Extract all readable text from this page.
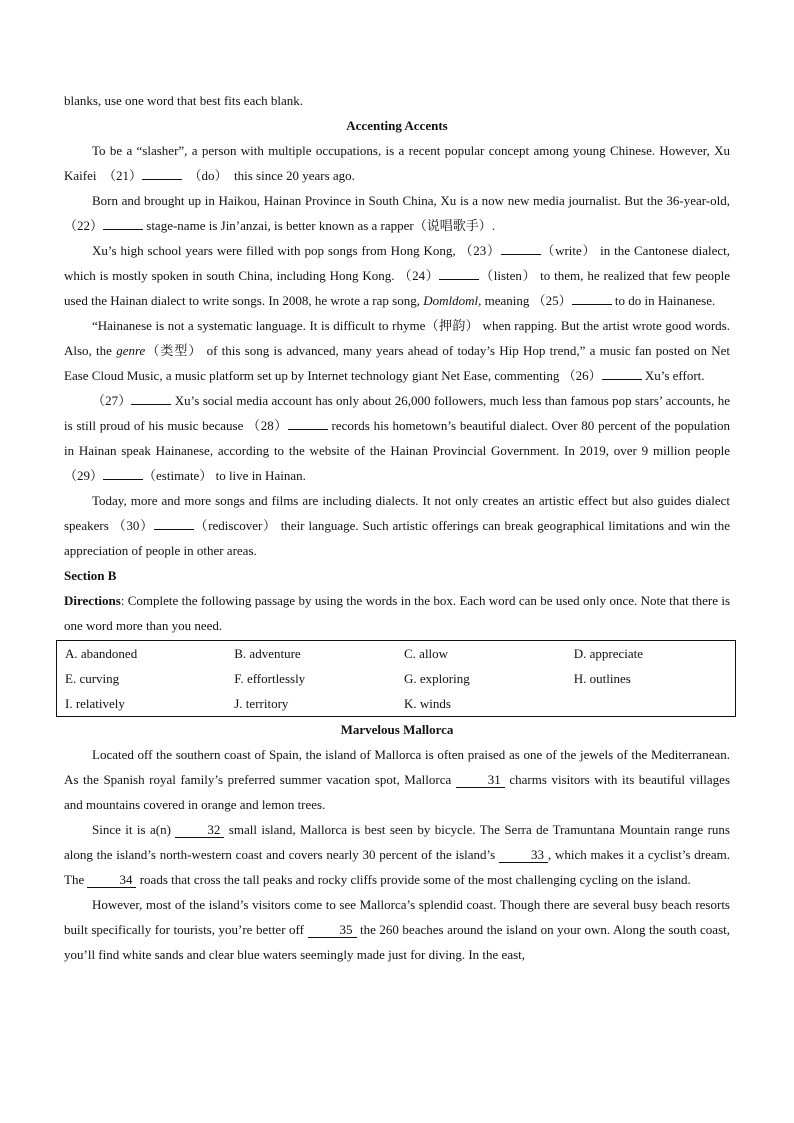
blanks, use one word that best fits each blank.

Accenting Accents

To be a “slasher”, a person with multiple occupations, is a recent popular concept among young Chinese. However, Xu Kaifei  （21）	（do）  this since 20 years ago.

Born and brought up in Haikou, Hainan Province in South China, Xu is a now new media journalist. But the 36-year-old, （22）	stage-name is Jin’anzai, is better known as a rapper（说唱歌手）.

Xu’s high school years were filled with pop songs from Hong Kong, （23）	（write） in the Cantonese dialect, which is mostly spoken in south China, including Hong Kong. （24）	（listen） to them, he realized that few people used the Hainan dialect to write songs. In 2008, he wrote a rap song, Domldoml, meaning （25）	to do in Hainanese.

“Hainanese is not a systematic language. It is difficult to rhyme（押韵） when rapping. But the artist wrote good words. Also, the genre（类型） of this song is advanced, many years ahead of today’s Hip Hop trend,” a music fan posted on Net Ease Cloud Music, a music platform set up by Internet technology giant Net Ease, commenting （26）	Xu’s effort.

（27）	Xu’s social media account has only about 26,000 followers, much less than famous pop stars’ accounts, he is still proud of his music because （28）	records his hometown’s beautiful dialect. Over 80 percent of the population in Hainan speak Hainanese, according to the website of the Hainan Provincial Government. In 2019, over 9 million people （29）	（estimate） to live in Hainan.

Today, more and more songs and films are including dialects. It not only creates an artistic effect but also guides dialect speakers （30）	（rediscover） their language. Such artistic offerings can break geographical limitations and win the appreciation of people in other areas.

Section B

Directions: Complete the following passage by using the words in the box. Each word can be used only once. Note that there is one word more than you need.

A. abandoned	B. adventure	C. allow	D. appreciate
E. curving	F. effortlessly	G. exploring	H. outlines
I. relatively	J. territory	K. winds	

Marvelous Mallorca

Located off the southern coast of Spain, the island of Mallorca is often praised as one of the jewels of the Mediterranean. As the Spanish royal family’s preferred summer vacation spot, Mallorca 31 charms visitors with its beautiful villages and mountains covered in orange and lemon trees.

Since it is a(n) 32 small island, Mallorca is best seen by bicycle. The Serra de Tramuntana Mountain range runs along the island’s north-western coast and covers nearly 30 percent of the island’s 33 , which makes it a cyclist’s dream. The 34 roads that cross the tall peaks and rocky cliffs provide some of the most challenging cycling on the island.

However, most of the island’s visitors come to see Mallorca’s splendid coast. Though there are several busy beach resorts built specifically for tourists, you’re better off 35 the 260 beaches around the island on your own. Along the south coast, you’ll find white sands and clear blue waters seemingly made just for diving. In the east,
